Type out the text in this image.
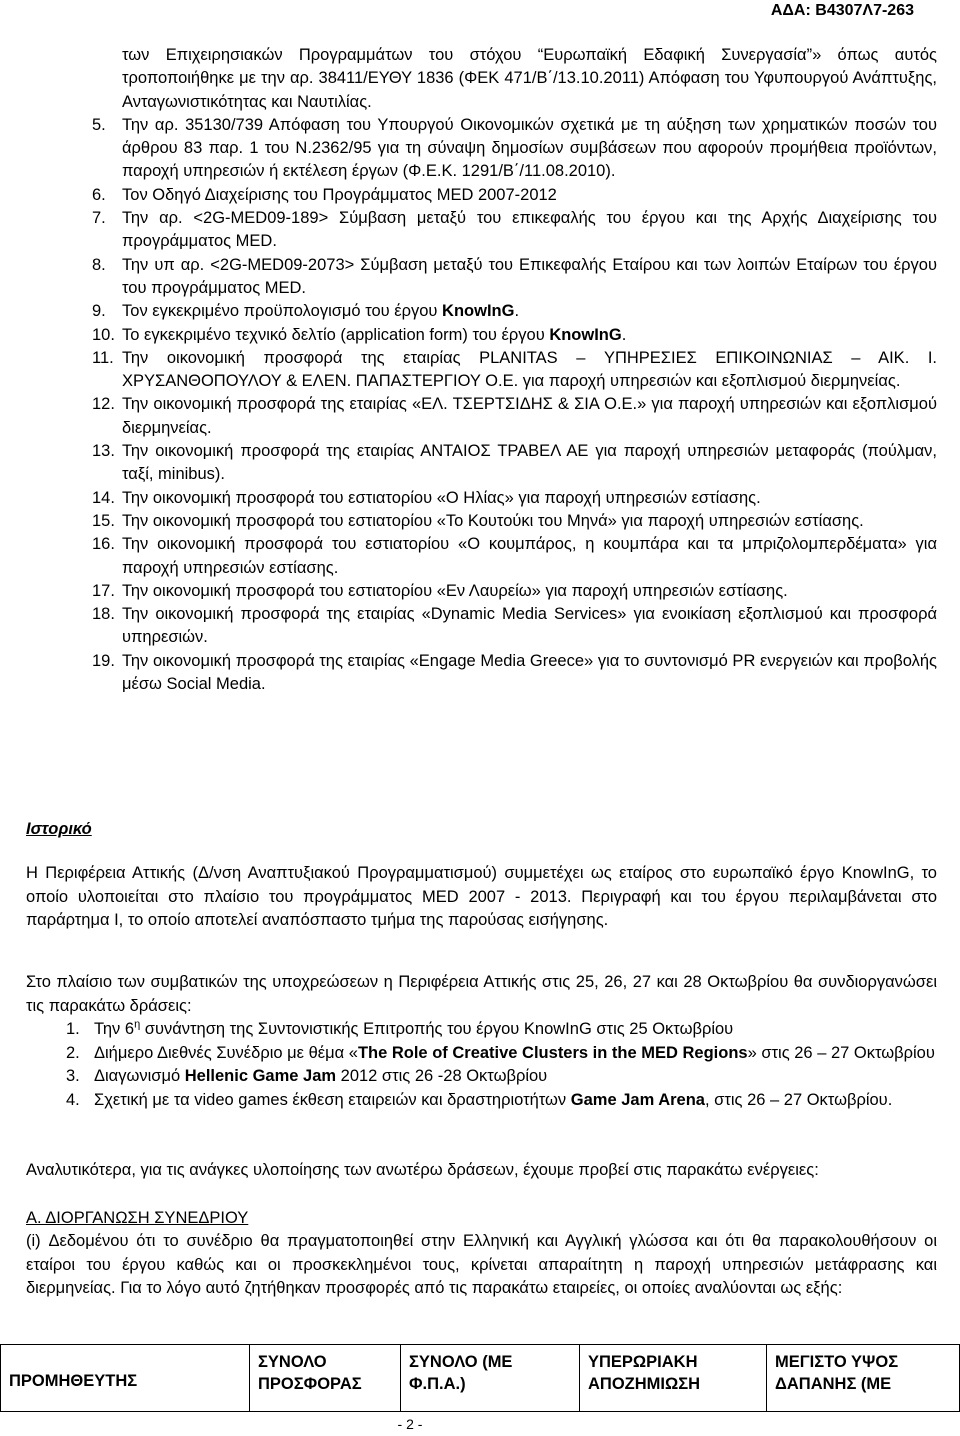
ΑΔΑ: Β4307Λ7-263
των Επιχειρησιακών Προγραμμάτων του στόχου “Ευρωπαϊκή Εδαφική Συνεργασία”» όπως αυτός τροποποιήθηκε με την αρ. 38411/ΕΥΘΥ 1836 (ΦΕΚ 471/Β΄/13.10.2011) Απόφαση του Υφυπουργού Ανάπτυξης, Ανταγωνιστικότητας και Ναυτιλίας.
5. Την αρ. 35130/739 Απόφαση του Υπουργού Οικονομικών σχετικά με τη αύξηση των χρηματικών ποσών του άρθρου 83 παρ. 1 του Ν.2362/95 για τη σύναψη δημοσίων συμβάσεων που αφορούν προμήθεια προϊόντων, παροχή υπηρεσιών ή εκτέλεση έργων (Φ.Ε.Κ. 1291/Β΄/11.08.2010).
6. Τον Οδηγό Διαχείρισης του Προγράμματος MED 2007-2012
7. Την αρ. <2G-MED09-189> Σύμβαση μεταξύ του επικεφαλής του έργου και της Αρχής Διαχείρισης του προγράμματος MED.
8. Την υπ αρ. <2G-MED09-2073> Σύμβαση μεταξύ του Επικεφαλής Εταίρου και των λοιπών Εταίρων του έργου του προγράμματος MED.
9. Τον εγκεκριμένο προϋπολογισμό του έργου KnowInG.
10. Το εγκεκριμένο τεχνικό δελτίο (application form) του έργου KnowInG.
11. Την οικονομική προσφορά της εταιρίας PLANITAS – ΥΠΗΡΕΣΙΕΣ ΕΠΙΚΟΙΝΩΝΙΑΣ – ΑΙΚ. Ι. ΧΡΥΣΑΝΘΟΠΟΥΛΟΥ & ΕΛΕΝ. ΠΑΠΑΣΤΕΡΓΙΟΥ Ο.Ε. για παροχή υπηρεσιών και εξοπλισμού διερμηνείας.
12. Την οικονομική προσφορά της εταιρίας «ΕΛ. ΤΣΕΡΤΣΙΔΗΣ & ΣΙΑ Ο.Ε.» για παροχή υπηρεσιών και εξοπλισμού διερμηνείας.
13. Την οικονομική προσφορά της εταιρίας ΑΝΤΑΙΟΣ ΤΡΑΒΕΛ ΑΕ για παροχή υπηρεσιών μεταφοράς (πούλμαν, ταξί, minibus).
14. Την οικονομική προσφορά του εστιατορίου «Ο Ηλίας» για παροχή υπηρεσιών εστίασης.
15. Την οικονομική προσφορά του εστιατορίου «Το Κουτούκι του Μηνά» για παροχή υπηρεσιών εστίασης.
16. Την οικονομική προσφορά του εστιατορίου «Ο κουμπάρος, η κουμπάρα και τα μπριζολομπερδέματα» για παροχή υπηρεσιών εστίασης.
17. Την οικονομική προσφορά του εστιατορίου «Εν Λαυρείω» για παροχή υπηρεσιών εστίασης.
18. Την οικονομική προσφορά της εταιρίας «Dynamic Media Services» για ενοικίαση εξοπλισμού και προσφορά υπηρεσιών.
19. Την οικονομική προσφορά της εταιρίας «Engage Media Greece» για το συντονισμό PR ενεργειών και προβολής μέσω Social Media.
Ιστορικό
Η Περιφέρεια Αττικής (Δ/νση Αναπτυξιακού Προγραμματισμού) συμμετέχει ως εταίρος στο ευρωπαϊκό έργο KnowInG, το οποίο υλοποιείται στο πλαίσιο του προγράμματος MED 2007 - 2013. Περιγραφή και του έργου περιλαμβάνεται στο παράρτημα Ι, το οποίο αποτελεί αναπόσπαστο τμήμα της παρούσας εισήγησης.
Στο πλαίσιο των συμβατικών της υποχρεώσεων η Περιφέρεια Αττικής στις 25, 26, 27 και 28 Οκτωβρίου θα συνδιοργανώσει τις παρακάτω δράσεις:
1. Την $6^\eta$ συνάντηση της Συντονιστικής Επιτροπής του έργου KnowInG στις 25 Οκτωβρίου
2. Διήμερο Διεθνές Συνέδριο με θέμα «The Role of Creative Clusters in the MED Regions» στις 26 – 27 Οκτωβρίου
3. Διαγωνισμό Hellenic Game Jam 2012 στις 26 -28 Οκτωβρίου
4. Σχετική με τα video games έκθεση εταιρειών και δραστηριοτήτων Game Jam Arena, στις 26 – 27 Οκτωβρίου.
Αναλυτικότερα, για τις ανάγκες υλοποίησης των ανωτέρω δράσεων, έχουμε προβεί στις παρακάτω ενέργειες:
Α. ΔΙΟΡΓΑΝΩΣΗ ΣΥΝΕΔΡΙΟΥ
(i) Δεδομένου ότι το συνέδριο θα πραγματοποιηθεί στην Ελληνική και Αγγλική γλώσσα και ότι θα παρακολουθήσουν οι εταίροι του έργου καθώς και οι προσκεκλημένοι τους, κρίνεται απαραίτητη η παροχή υπηρεσιών μετάφρασης και διερμηνείας. Για το λόγο αυτό ζητήθηκαν προσφορές από τις παρακάτω εταιρείες, οι οποίες αναλύονται ως εξής:
ΠΡΟΜΗΘΕΥΤΗΣ	ΣΥΝΟΛΟ ΠΡΟΣΦΟΡΑΣ	ΣΥΝΟΛΟ (ΜΕ Φ.Π.Α.)	ΥΠΕΡΩΡΙΑΚΗ ΑΠΟΖΗΜΙΩΣΗ	ΜΕΓΙΣΤΟ ΥΨΟΣ ΔΑΠΑΝΗΣ (ΜΕ
- 2 -
